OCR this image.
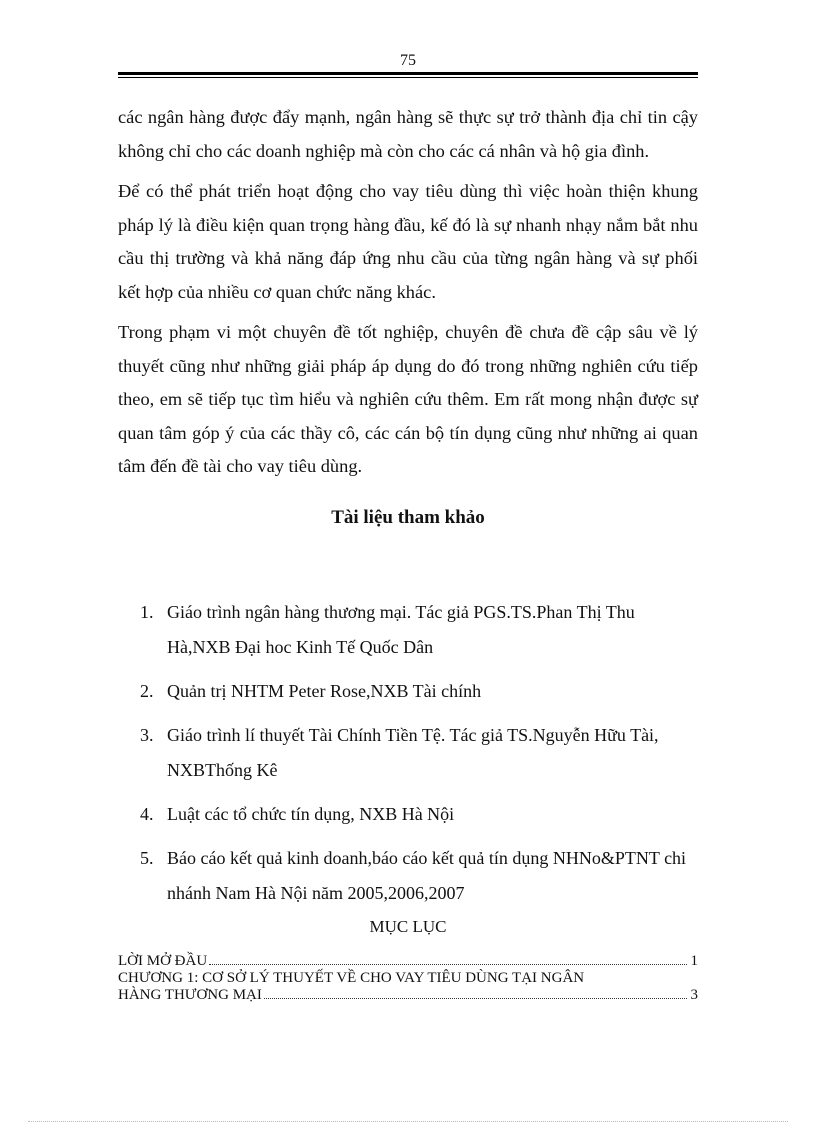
75

các ngân hàng được đẩy mạnh, ngân hàng sẽ thực sự trở thành địa chỉ tin cậy không chỉ cho các doanh nghiệp mà còn cho các cá nhân và hộ gia đình.

Để có thể phát triển hoạt động cho vay tiêu dùng thì việc hoàn thiện khung pháp lý là điều kiện quan trọng hàng đầu, kế đó là sự nhanh nhạy nắm bắt nhu cầu thị trường và khả năng đáp ứng nhu cầu của từng ngân hàng và sự phối kết hợp của nhiều cơ quan chức năng khác.

Trong phạm vi một chuyên đề tốt nghiệp, chuyên đề chưa đề cập sâu về lý thuyết cũng như những giải pháp áp dụng do đó trong những nghiên cứu tiếp theo, em sẽ tiếp tục tìm hiểu và nghiên cứu thêm. Em rất mong nhận được sự quan tâm góp ý của các thầy cô, các cán bộ tín dụng cũng như những ai quan tâm đến đề tài cho vay tiêu dùng.

Tài liệu tham khảo
1. Giáo trình ngân hàng thương mại. Tác giả PGS.TS.Phan Thị Thu Hà,NXB Đại hoc Kinh Tế Quốc Dân
2. Quản trị NHTM Peter Rose,NXB Tài chính
3. Giáo trình lí thuyết Tài Chính Tiền Tệ. Tác giả TS.Nguyễn Hữu Tài, NXBThống Kê
4. Luật các tổ chức tín dụng, NXB Hà Nội
5. Báo cáo kết quả kinh doanh,báo cáo kết quả tín dụng NHNo&PTNT chi nhánh Nam Hà Nội năm 2005,2006,2007
MỤC LỤC
LỜI MỞ ĐẦU	1
CHƯƠNG 1: CƠ SỞ LÝ THUYẾT VỀ CHO VAY TIÊU DÙNG TẠI NGÂN
HÀNG THƯƠNG MẠI	3
